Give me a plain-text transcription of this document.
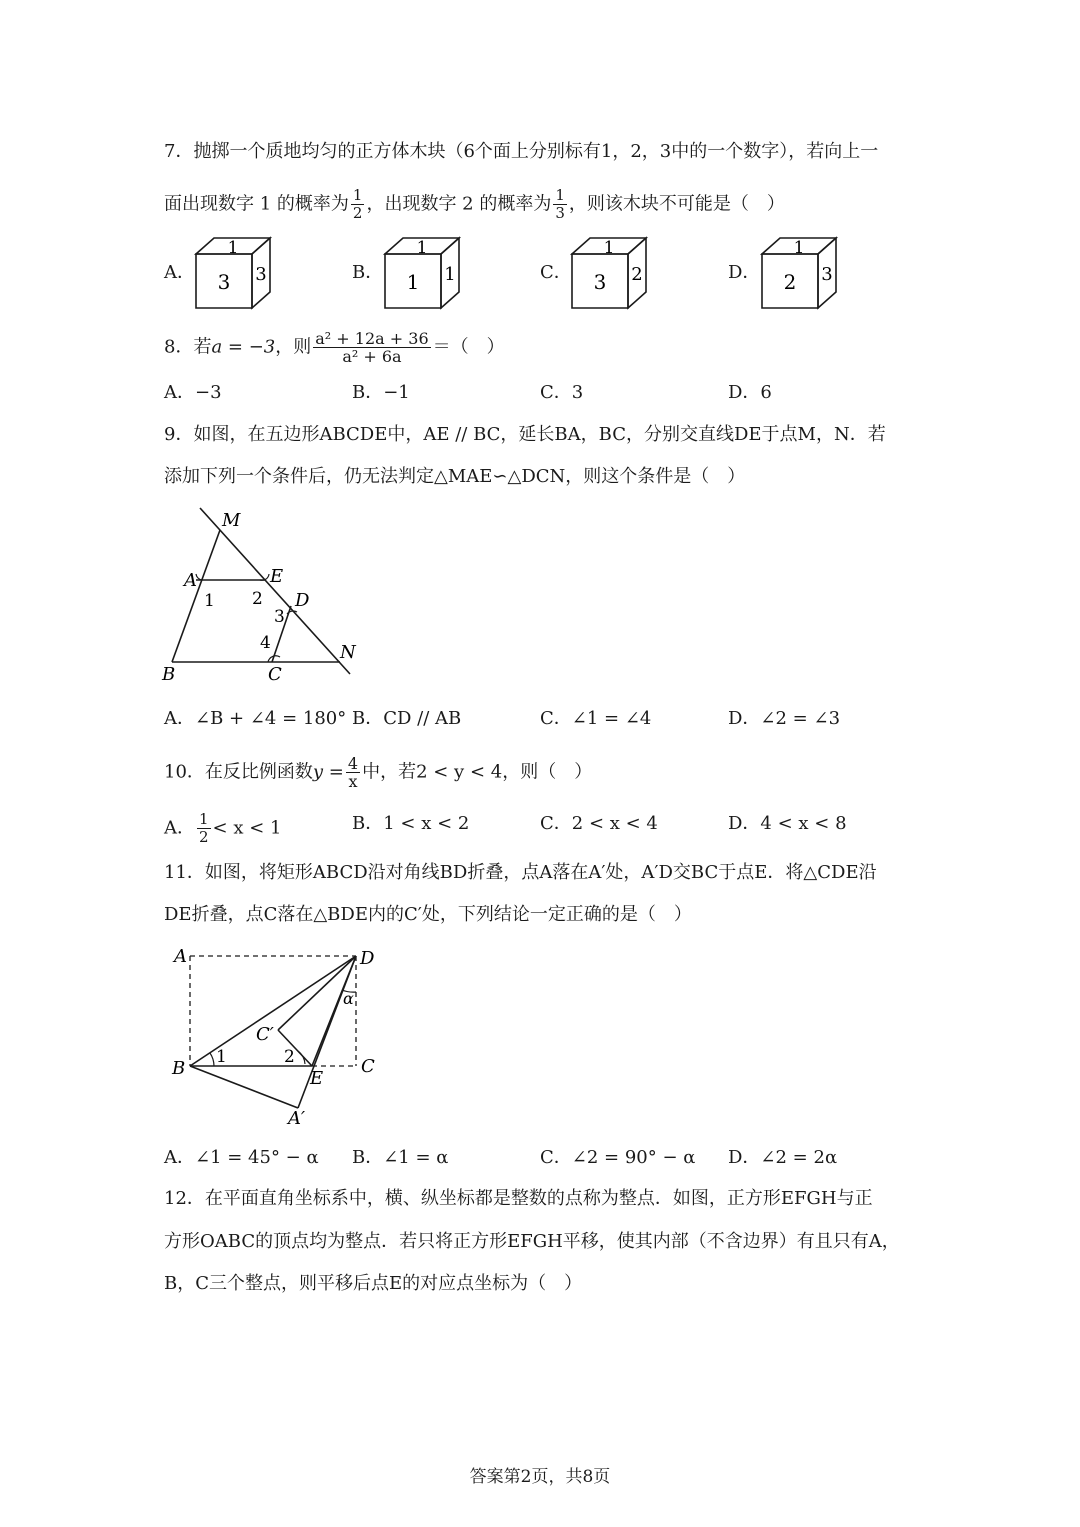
7．抛掷一个质地均匀的正方体木块（6个面上分别标有1，2，3中的一个数字），若向上一
面出现数字 1 的概率为 $\frac{1}{2}$ ，出现数字 2 的概率为 $\frac{1}{3}$ ，则该木块不可能是（　）
A．	B．	C．	D．
1
3 3
1
1 1
1
3 2
1
2 3
8．若a = −3，则 $\frac{\text{a² + 12a + 36}}{\text{a² + 6a}}$ ＝（　）
A．−3	B．−1	C．3	D．6
9．如图，在五边形ABCDE中，AE // BC，延长BA，BC，分别交直线DE于点M，N．若
添加下列一个条件后，仍无法判定△MAE∽△DCN，则这个条件是（　）
M
A	E
D
B	C
N
1 2
3
4
A．∠B + ∠4 = 180° B．CD // AB	C．∠1 = ∠4	D．∠2 = ∠3
10．在反比例函数$y = \frac{4}{x}$ 中，若2 < y < 4，则（　）
A． $\frac{1}{2} < x < 1$	B．1 < x < 2	C．2 < x < 4	D．4 < x < 8
11．如图，将矩形ABCD沿对角线BD折叠，点A落在A′处，A′D交BC于点E．将△CDE沿
DE折叠，点C落在△BDE内的C′处，下列结论一定正确的是（　）
A	D
B	C
E
C′
A′
1	2
α
A．∠1 = 45° − α B．∠1 = α	C．∠2 = 90° − α D．∠2 = 2α
12．在平面直角坐标系中，横、纵坐标都是整数的点称为整点．如图，正方形EFGH与正
方形OABC的顶点均为整点．若只将正方形EFGH平移，使其内部（不含边界）有且只有A，
B，C三个整点，则平移后点E的对应点坐标为（　）
答案第2页，共8页
